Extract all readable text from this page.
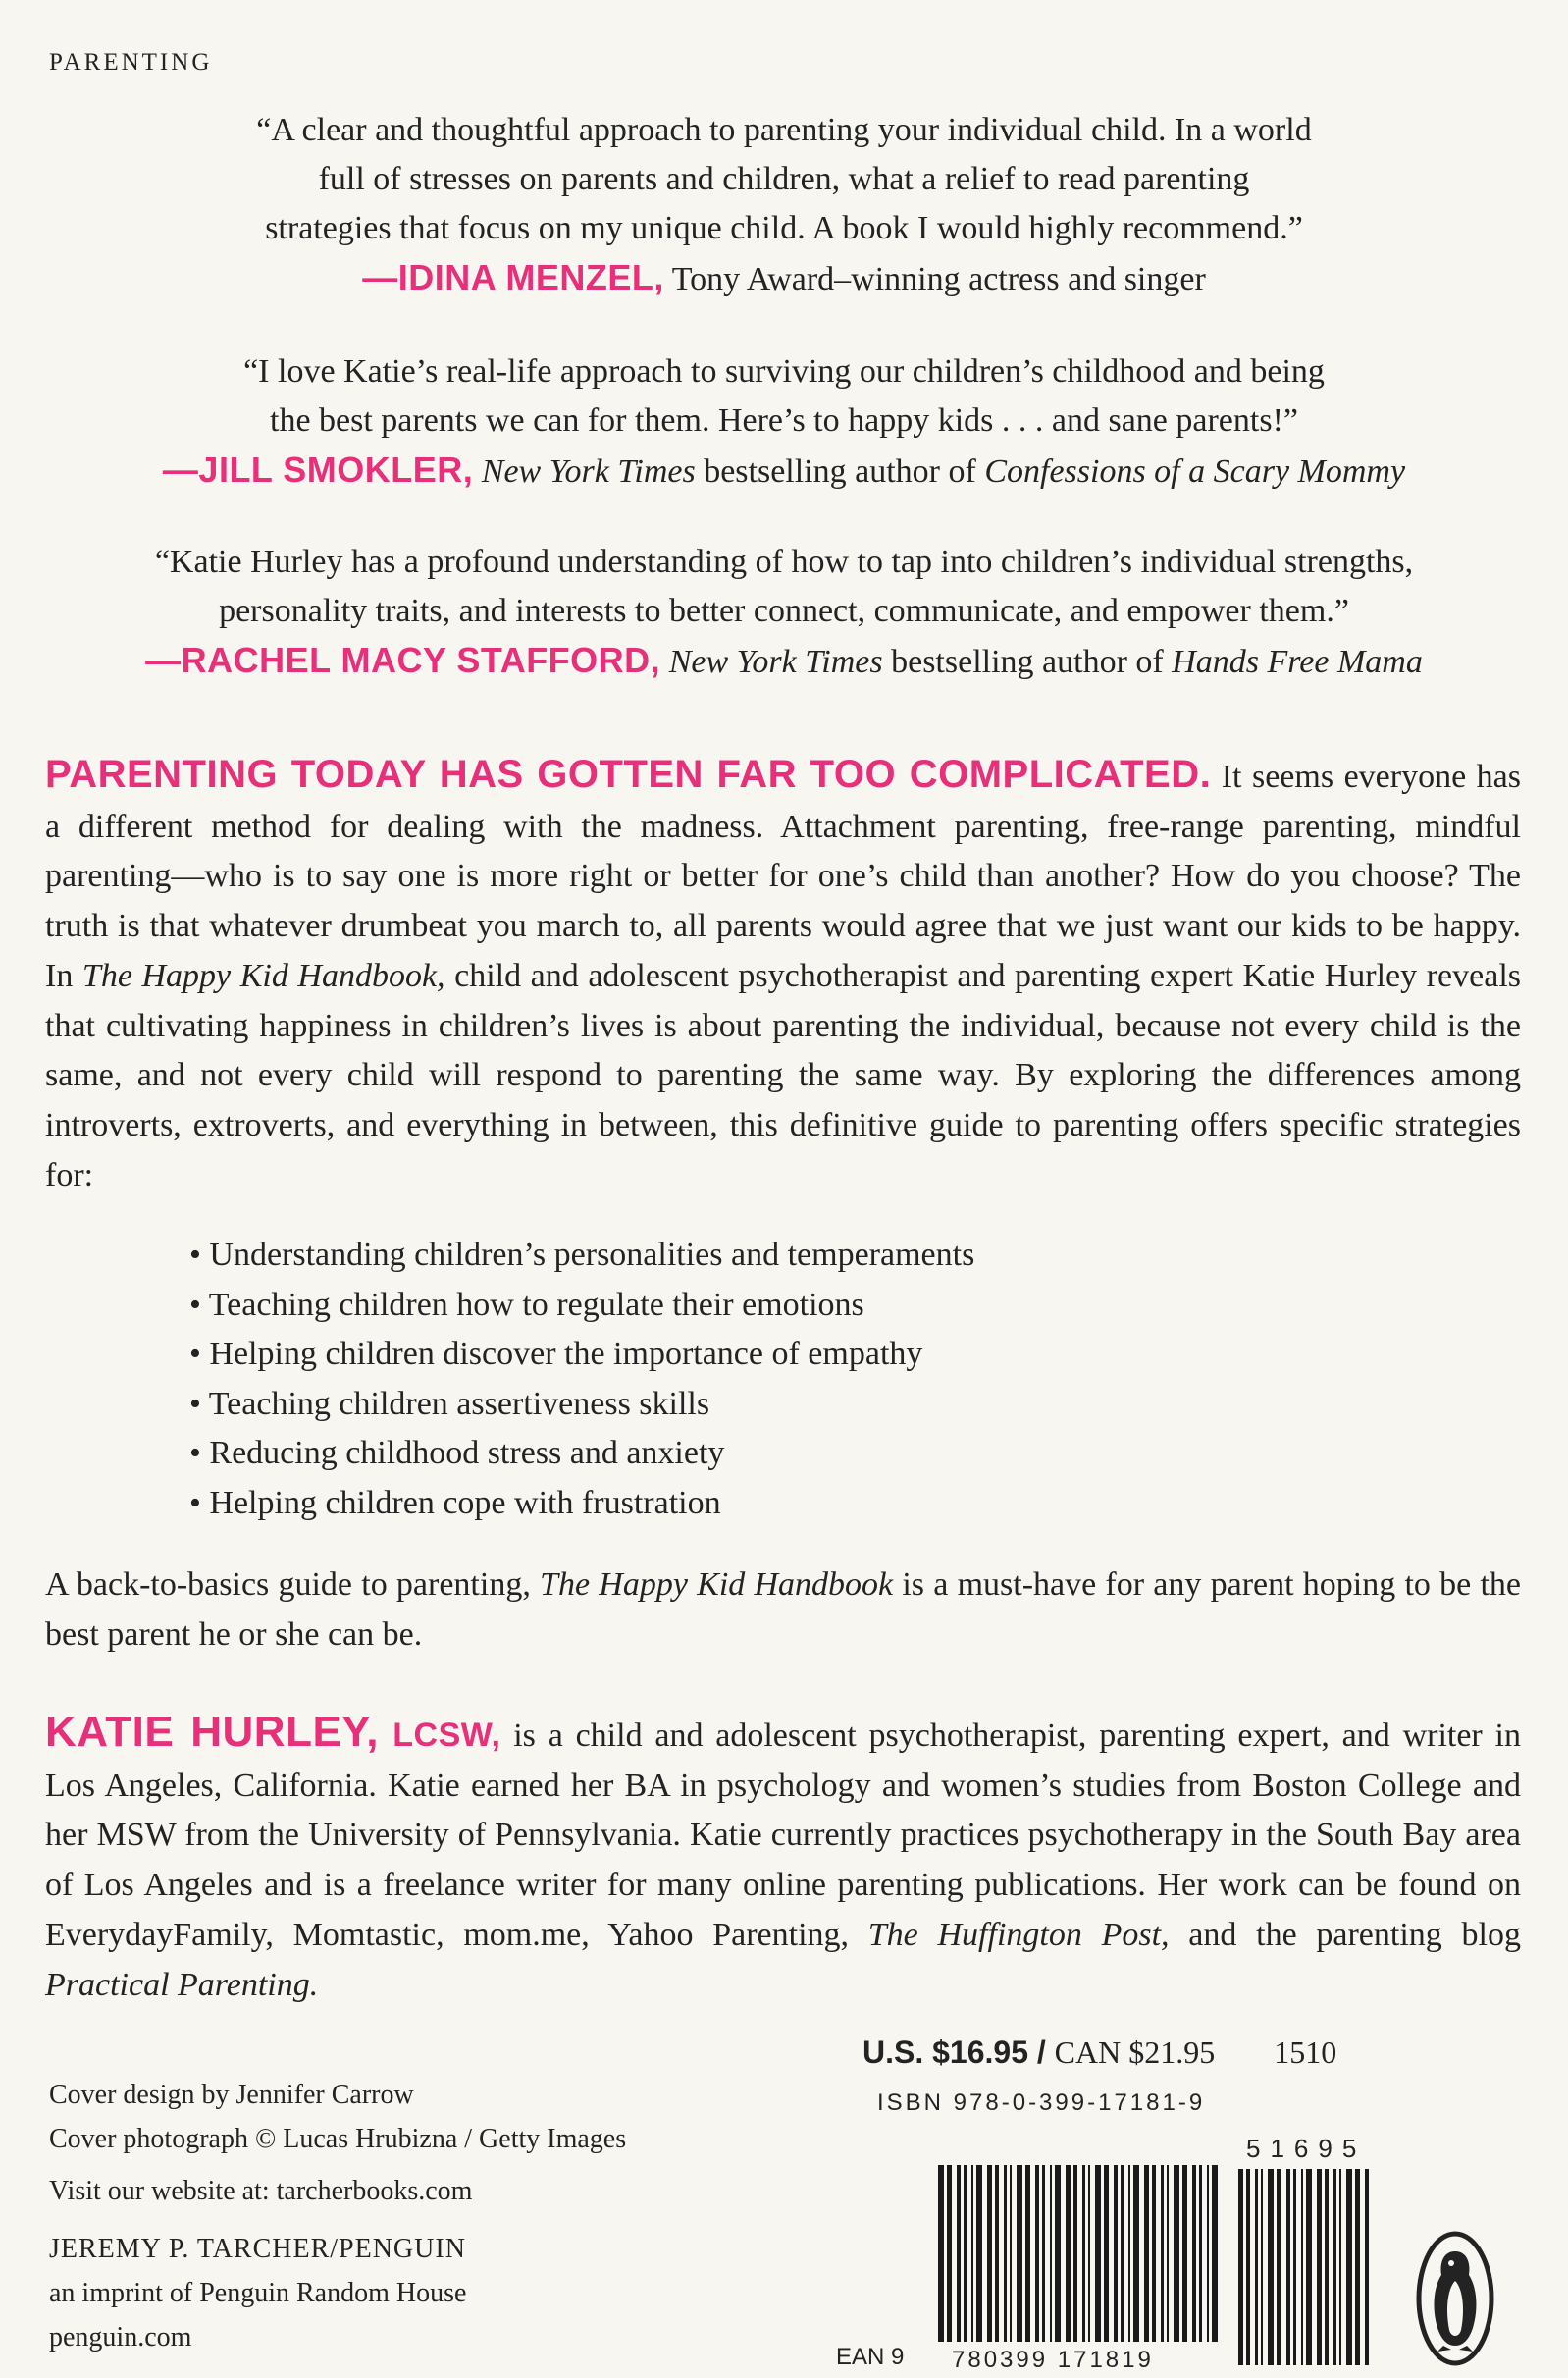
PARENTING

“A clear and thoughtful approach to parenting your individual child. In a world

full of stresses on parents and children, what a relief to read parenting

strategies that focus on my unique child. A book I would highly recommend.”

—IDINA MENZEL, Tony Award–winning actress and singer

“I love Katie’s real-life approach to surviving our children’s childhood and being

the best parents we can for them. Here’s to happy kids . . . and sane parents!”

—JILL SMOKLER, New York Times bestselling author of Confessions of a Scary Mommy

“Katie Hurley has a profound understanding of how to tap into children’s individual strengths,

personality traits, and interests to better connect, communicate, and empower them.”

—RACHEL MACY STAFFORD, New York Times bestselling author of Hands Free Mama

PARENTING TODAY HAS GOTTEN FAR TOO COMPLICATED. It seems everyone has a different method for dealing with the madness. Attachment parenting, free-range parenting, mindful parenting—who is to say one is more right or better for one’s child than another? How do you choose? The truth is that whatever drumbeat you march to, all parents would agree that we just want our kids to be happy. In The Happy Kid Handbook, child and adolescent psychotherapist and parenting expert Katie Hurley reveals that cultivating happiness in children’s lives is about parenting the individual, because not every child is the same, and not every child will respond to parenting the same way. By exploring the differences among introverts, extroverts, and everything in between, this definitive guide to parenting offers specific strategies for:

• Understanding children’s personalities and temperaments
• Teaching children how to regulate their emotions
• Helping children discover the importance of empathy
• Teaching children assertiveness skills
• Reducing childhood stress and anxiety
• Helping children cope with frustration

A back-to-basics guide to parenting, The Happy Kid Handbook is a must-have for any parent hoping to be the best parent he or she can be.

KATIE HURLEY, LCSW, is a child and adolescent psychotherapist, parenting expert, and writer in Los Angeles, California. Katie earned her BA in psychology and women’s studies from Boston College and her MSW from the University of Pennsylvania. Katie currently practices psychotherapy in the South Bay area of Los Angeles and is a freelance writer for many online parenting publications. Her work can be found on EverydayFamily, Momtastic, mom.me, Yahoo Parenting, The Huffington Post, and the parenting blog Practical Parenting.

Cover design by Jennifer Carrow
Cover photograph © Lucas Hrubizna / Getty Images
Visit our website at: tarcherbooks.com
JEREMY P. TARCHER/PENGUIN
an imprint of Penguin Random House
penguin.com
U.S. $16.95 / CAN $21.95 1510
ISBN 978-0-399-17181-9
780399 171819
51695
EAN 9
